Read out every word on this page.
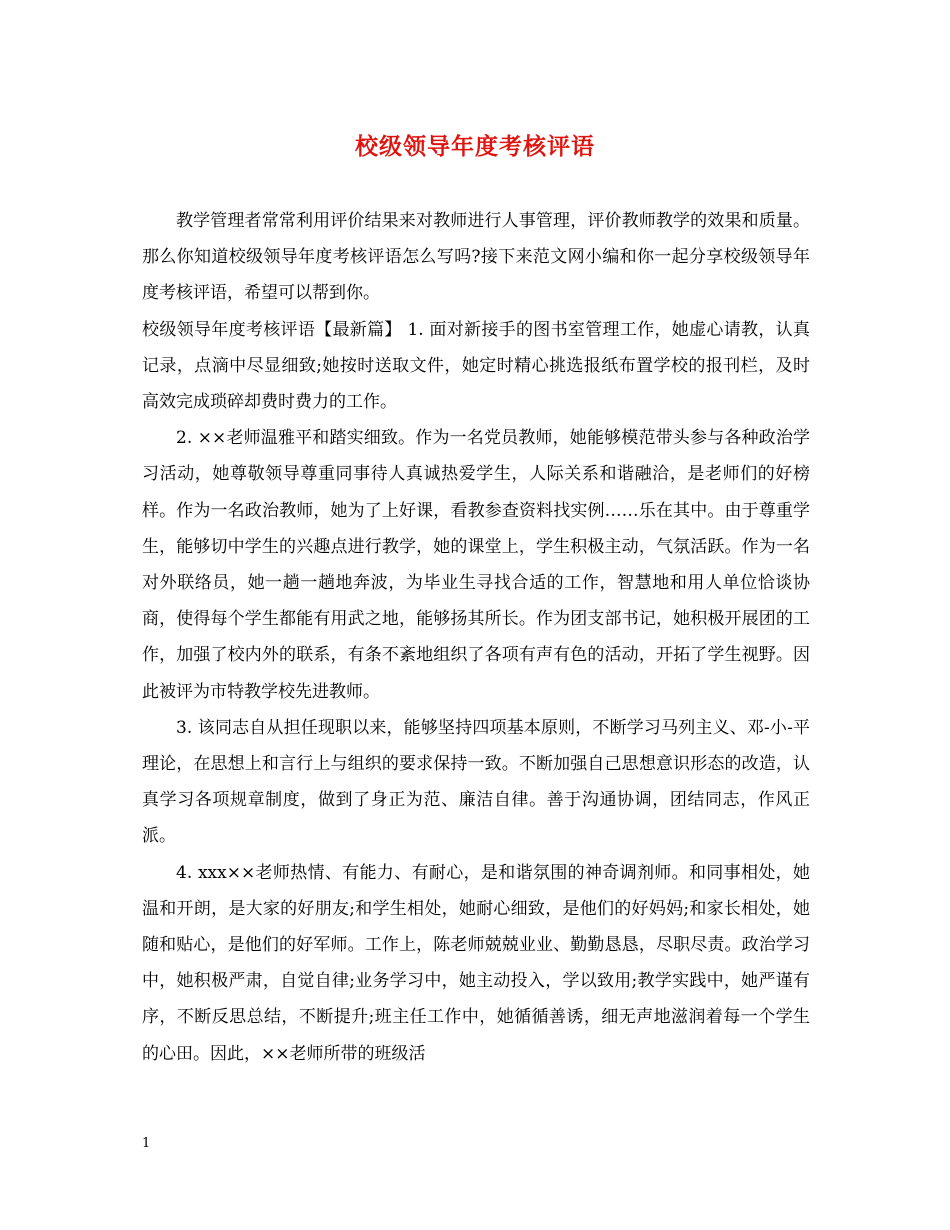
校级领导年度考核评语

教学管理者常常利用评价结果来对教师进行人事管理，评价教师教学的效果和质量。那么你知道校级领导年度考核评语怎么写吗?接下来范文网小编和你一起分享校级领导年度考核评语，希望可以帮到你。

校级领导年度考核评语【最新篇】 1. 面对新接手的图书室管理工作，她虚心请教，认真记录，点滴中尽显细致;她按时送取文件，她定时精心挑选报纸布置学校的报刊栏，及时高效完成琐碎却费时费力的工作。

2. ××老师温雅平和踏实细致。作为一名党员教师，她能够模范带头参与各种政治学习活动，她尊敬领导尊重同事待人真诚热爱学生，人际关系和谐融洽，是老师们的好榜样。作为一名政治教师，她为了上好课，看教参查资料找实例……乐在其中。由于尊重学生，能够切中学生的兴趣点进行教学，她的课堂上，学生积极主动，气氛活跃。作为一名对外联络员，她一趟一趟地奔波，为毕业生寻找合适的工作，智慧地和用人单位恰谈协商，使得每个学生都能有用武之地，能够扬其所长。作为团支部书记，她积极开展团的工作，加强了校内外的联系，有条不紊地组织了各项有声有色的活动，开拓了学生视野。因此被评为市特教学校先进教师。

3. 该同志自从担任现职以来，能够坚持四项基本原则，不断学习马列主义、邓-小-平理论，在思想上和言行上与组织的要求保持一致。不断加强自己思想意识形态的改造，认真学习各项规章制度，做到了身正为范、廉洁自律。善于沟通协调，团结同志，作风正派。

4. xxx××老师热情、有能力、有耐心，是和谐氛围的神奇调剂师。和同事相处，她温和开朗，是大家的好朋友;和学生相处，她耐心细致，是他们的好妈妈;和家长相处，她随和贴心，是他们的好军师。工作上，陈老师兢兢业业、勤勤恳恳，尽职尽责。政治学习中，她积极严肃，自觉自律;业务学习中，她主动投入，学以致用;教学实践中，她严谨有序，不断反思总结，不断提升;班主任工作中，她循循善诱，细无声地滋润着每一个学生的心田。因此，××老师所带的班级活

1
